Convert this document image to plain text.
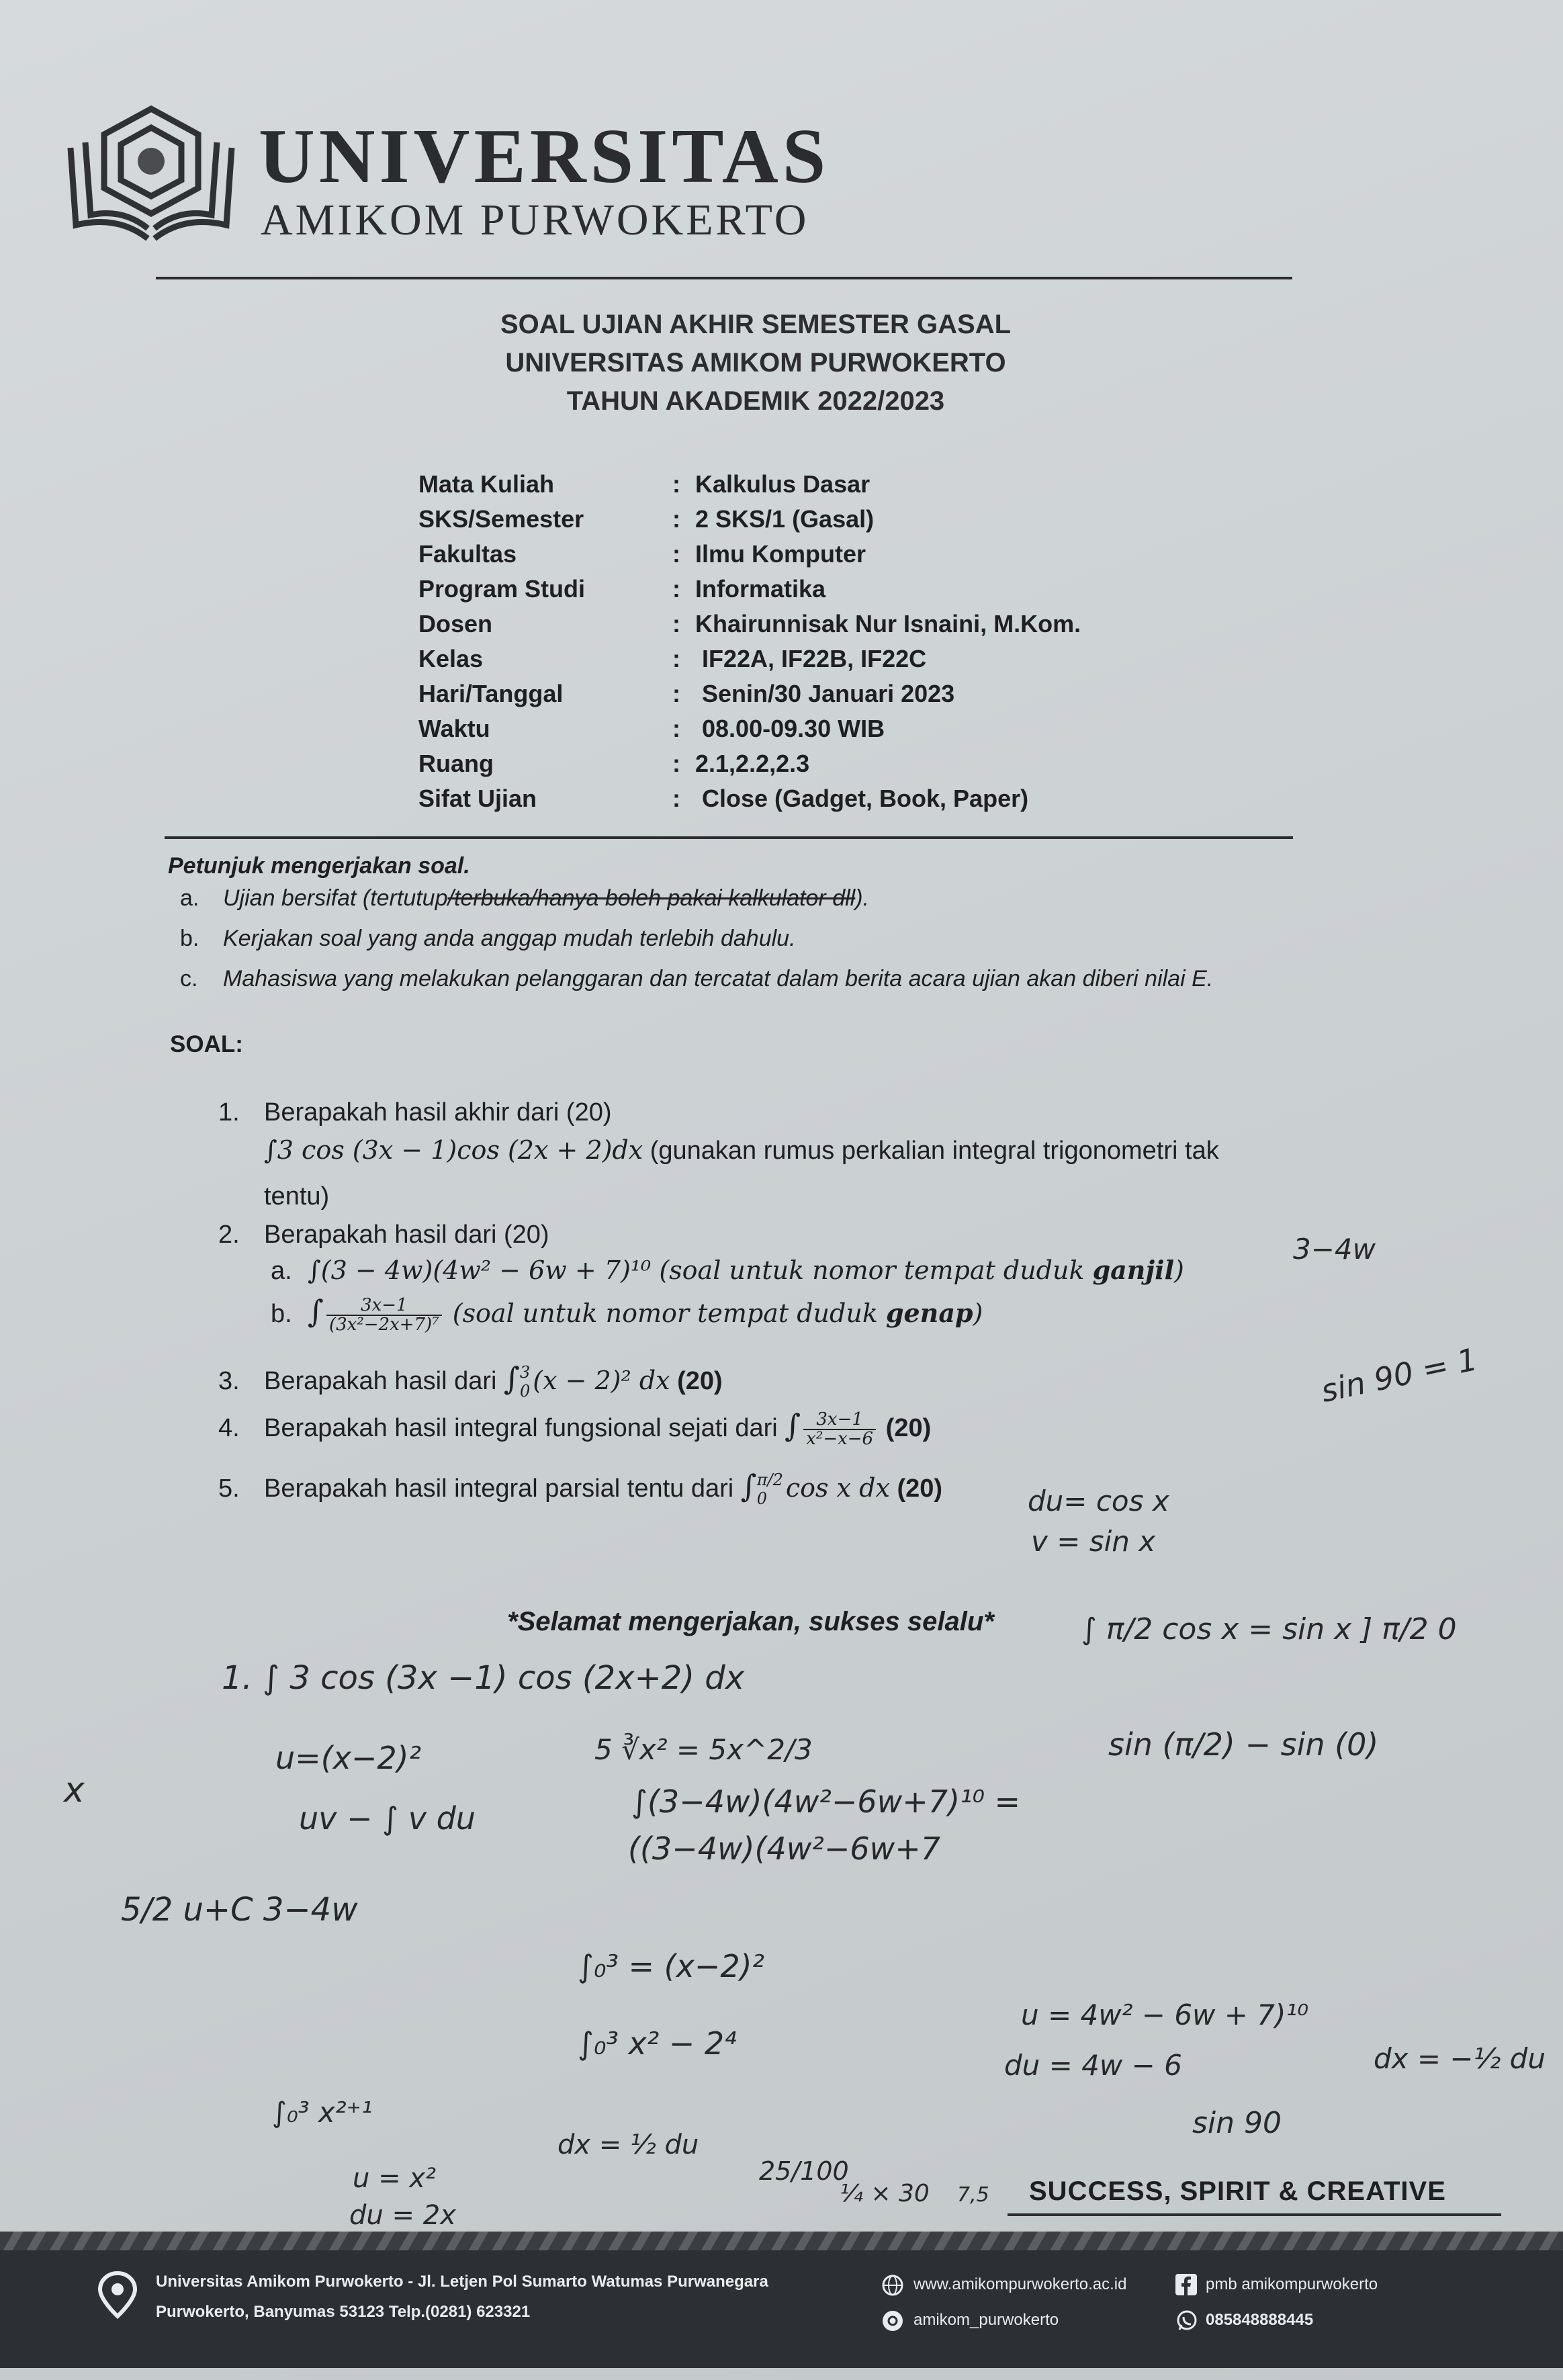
UNIVERSITAS
AMIKOM PURWOKERTO
SOAL UJIAN AKHIR SEMESTER GASAL
UNIVERSITAS AMIKOM PURWOKERTO
TAHUN AKADEMIK 2022/2023
Mata Kuliah	: Kalkulus Dasar
SKS/Semester	: 2 SKS/1 (Gasal)
Fakultas	: Ilmu Komputer
Program Studi	: Informatika
Dosen	: Khairunnisak Nur Isnaini, M.Kom.
Kelas	: IF22A, IF22B, IF22C
Hari/Tanggal	: Senin/30 Januari 2023
Waktu	: 08.00-09.30 WIB
Ruang	: 2.1,2.2,2.3
Sifat Ujian	: Close (Gadget, Book, Paper)
Petunjuk mengerjakan soal.
a. Ujian bersifat (tertutup/terbuka/hanya boleh pakai kalkulator dll).
b. Kerjakan soal yang anda anggap mudah terlebih dahulu.
c. Mahasiswa yang melakukan pelanggaran dan tercatat dalam berita acara ujian akan diberi nilai E.
SOAL:
1. Berapakah hasil akhir dari (20)
∫3 cos (3x − 1)cos (2x + 2)dx (gunakan rumus perkalian integral trigonometri tak
tentu)
2. Berapakah hasil dari (20)
a. ∫(3 − 4w)(4w² − 6w + 7)¹⁰ (soal untuk nomor tempat duduk ganjil)
b. ∫ $\frac{3x-1}{\text{(3x²−2x+7)⁷}}$ (soal untuk nomor tempat duduk genap)
3. Berapakah hasil dari ∫ 3
0 (x − 2)² dx (20)
4. Berapakah hasil integral fungsional sejati dari ∫ $\frac{3x-1}{\text{x²−x−6}} (20)$
5. Berapakah hasil integral parsial tentu dari ∫ π/2
0 cos x dx (20)
*Selamat mengerjakan, sukses selalu*
3−4w
sin 90 = 1
du= cos x
v = sin x
∫ π/2 cos x = sin x ] π/2 0
sin (π/2) − sin (0)
1. ∫ 3 cos (3x −1) cos (2x+2) dx
u=(x−2)²
uv − ∫ v du
5 ∛x² = 5x^2/3
∫(3−4w)(4w²−6w+7)¹⁰ =
((3−4w)(4w²−6w+7
5/2 u+C 3−4w
∫₀³ = (x−2)²
∫₀³ x² − 2⁴
u = 4w² − 6w + 7)¹⁰
du = 4w − 6	dx = −½ du
sin 90
∫₀³ x²⁺¹
u = x²
du = 2x
dx = ½ du
25/100
¼ × 30 7,5
x
SUCCESS, SPIRIT & CREATIVE
Universitas Amikom Purwokerto - Jl. Letjen Pol Sumarto Watumas Purwanegara
Purwokerto, Banyumas 53123 Telp.(0281) 623321
www.amikompurwokerto.ac.id
amikom_purwokerto
pmb amikompurwokerto
085848888445
